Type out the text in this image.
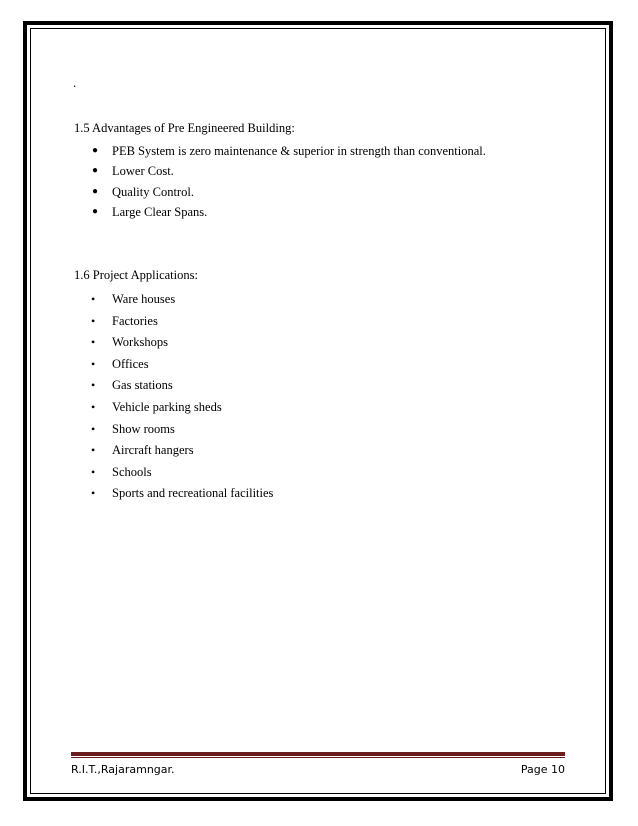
.
1.5 Advantages of Pre Engineered Building:
● PEB System is zero maintenance & superior in strength than conventional.
● Lower Cost.
● Quality Control.
● Large Clear Spans.
1.6 Project Applications:
• Ware houses
• Factories
• Workshops
• Offices
• Gas stations
• Vehicle parking sheds
• Show rooms
• Aircraft hangers
• Schools
• Sports and recreational facilities
R.I.T.,Rajaramngar.	Page 10
